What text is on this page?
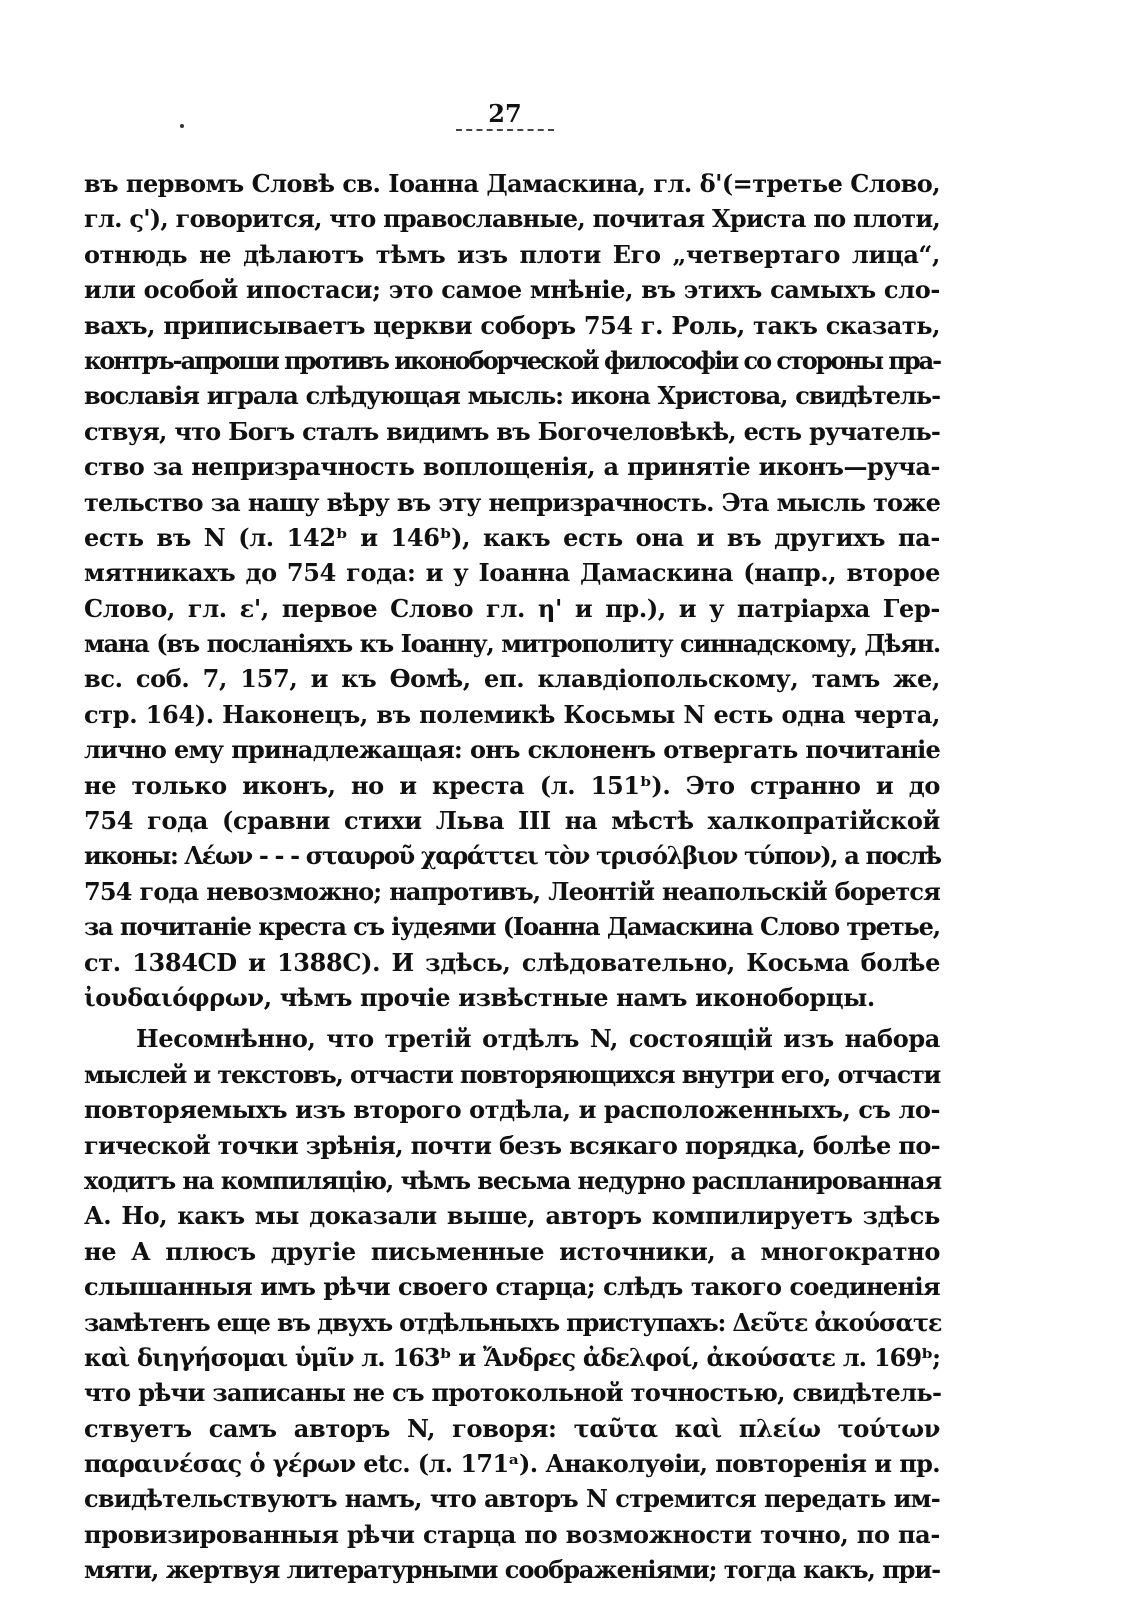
27
въ первомъ Словѣ св. Іоанна Дамаскина, гл. δ'(=третье Слово,
гл. ς'), говорится, что православные, почитая Христа по плоти,
отнюдь не дѣлаютъ тѣмъ изъ плоти Его „четвертаго лица“,
или особой ипостаси; это самое мнѣніе, въ этихъ самыхъ сло-
вахъ, приписываетъ церкви соборъ 754 г. Роль, такъ сказать,
контръ-апроши противъ иконоборческой философіи со стороны пра-
вославія играла слѣдующая мысль: икона Христова, свидѣтель-
ствуя, что Богъ сталъ видимъ въ Богочеловѣкѣ, есть ручатель-
ство за непризрачность воплощенія, а принятіе иконъ—руча-
тельство за нашу вѣру въ эту непризрачность. Эта мысль тоже
есть въ N (л. 142ᵇ и 146ᵇ), какъ есть она и въ другихъ па-
мятникахъ до 754 года: и у Іоанна Дамаскина (напр., второе
Слово, гл. ε', первое Слово гл. η' и пр.), и у патріарха Гер-
мана (въ посланіяхъ къ Іоанну, митрополиту синнадскому, Дѣян.
вс. соб. 7, 157, и къ Ѳомѣ, еп. клавдіопольскому, тамъ же,
стр. 164). Наконецъ, въ полемикѣ Косьмы N есть одна черта,
лично ему принадлежащая: онъ склоненъ отвергать почитаніе
не только иконъ, но и креста (л. 151ᵇ). Это странно и до
754 года (сравни стихи Льва III на мѣстѣ халкопратійской
иконы: Λέων - - - σταυροῦ χαράττει τὸν τρισόλβιον τύπον), а послѣ
754 года невозможно; напротивъ, Леонтій неапольскій борется
за почитаніе креста съ іудеями (Іоанна Дамаскина Слово третье,
ст. 1384CD и 1388C). И здѣсь, слѣдовательно, Косьма болѣе
ἰουδαιόφρων, чѣмъ прочіе извѣстные намъ иконоборцы.
Несомнѣнно, что третій отдѣлъ N, состоящій изъ набора
мыслей и текстовъ, отчасти повторяющихся внутри его, отчасти
повторяемыхъ изъ второго отдѣла, и расположенныхъ, съ ло-
гической точки зрѣнія, почти безъ всякаго порядка, болѣе по-
ходитъ на компиляцію, чѣмъ весьма недурно распланированная
А. Но, какъ мы доказали выше, авторъ компилируетъ здѣсь
не А плюсъ другіе письменные источники, а многократно
слышанныя имъ рѣчи своего старца; слѣдъ такого соединенія
замѣтенъ еще въ двухъ отдѣльныхъ приступахъ: Δεῦτε ἀκούσατε
καὶ διηγήσομαι ὑμῖν л. 163ᵇ и Ἄνδρες ἀδελφοί, ἀκούσατε л. 169ᵇ;
что рѣчи записаны не съ протокольной точностью, свидѣтель-
ствуетъ самъ авторъ N, говоря: ταῦτα καὶ πλείω τούτων
παραινέσας ὁ γέρων etc. (л. 171ᵃ). Анаколуѳіи, повторенія и пр.
свидѣтельствуютъ намъ, что авторъ N стремится передать им-
провизированныя рѣчи старца по возможности точно, по па-
мяти, жертвуя литературными соображеніями; тогда какъ, при-
